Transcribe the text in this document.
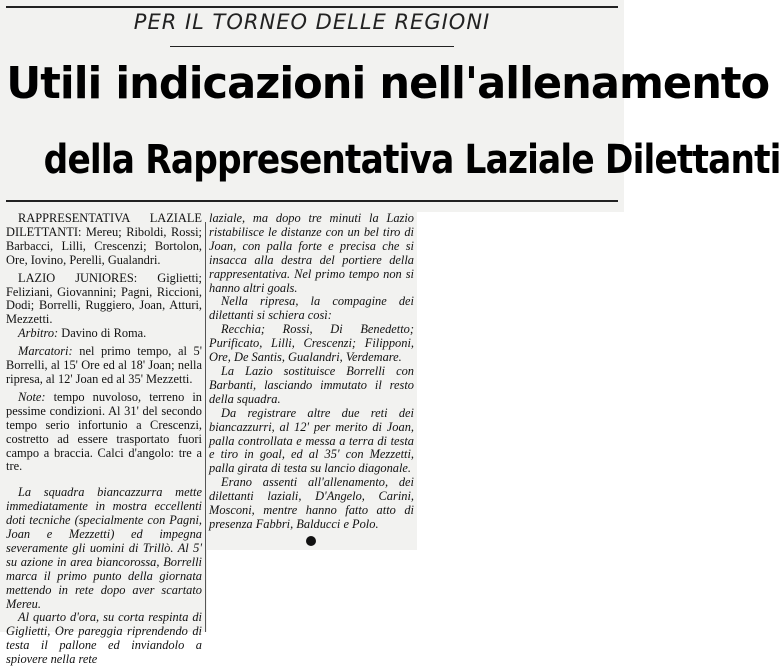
PER IL TORNEO DELLE REGIONI
Utili indicazioni nell'allenamento
della Rappresentativa Laziale Dilettanti

RAPPRESENTATIVA LAZIALE DILETTANTI: Mereu; Riboldi, Rossi; Barbacci, Lilli, Crescenzi; Bortolon, Ore, Iovino, Perelli, Gualandri.

LAZIO JUNIORES: Giglietti; Feliziani, Giovannini; Pagni, Riccioni, Dodi; Borrelli, Ruggiero, Joan, Atturi, Mezzetti.

Arbitro: Davino di Roma.

Marcatori: nel primo tempo, al 5' Borrelli, al 15' Ore ed al 18' Joan; nella ripresa, al 12' Joan ed al 35' Mezzetti.

Note: tempo nuvoloso, terreno in pessime condizioni. Al 31' del secondo tempo serio infortunio a Crescenzi, costretto ad essere trasportato fuori campo a braccia. Calci d'angolo: tre a tre.

La squadra biancazzurra mette immediatamente in mostra eccellenti doti tecniche (specialmente con Pagni, Joan e Mezzetti) ed impegna severamente gli uomini di Trillò. Al 5' su azione in area biancorossa, Borrelli marca il primo punto della giornata mettendo in rete dopo aver scartato Mereu.

Al quarto d'ora, su corta respinta di Giglietti, Ore pareggia riprendendo di testa il pallone ed inviandolo a spiovere nella rete

laziale, ma dopo tre minuti la Lazio ristabilisce le distanze con un bel tiro di Joan, con palla forte e precisa che si insacca alla destra del portiere della rappresentativa. Nel primo tempo non si hanno altri goals.

Nella ripresa, la compagine dei dilettanti si schiera così:

Recchia; Rossi, Di Benedetto; Purificato, Lilli, Crescenzi; Filipponi, Ore, De Santis, Gualandri, Verdemare.

La Lazio sostituisce Borrelli con Barbanti, lasciando immutato il resto della squadra.

Da registrare altre due reti dei biancazzurri, al 12' per merito di Joan, palla controllata e messa a terra di testa e tiro in goal, ed al 35' con Mezzetti, palla girata di testa su lancio diagonale.

Erano assenti all'allenamento, dei dilettanti laziali, D'Angelo, Carini, Mosconi, mentre hanno fatto atto di presenza Fabbri, Balducci e Polo.
